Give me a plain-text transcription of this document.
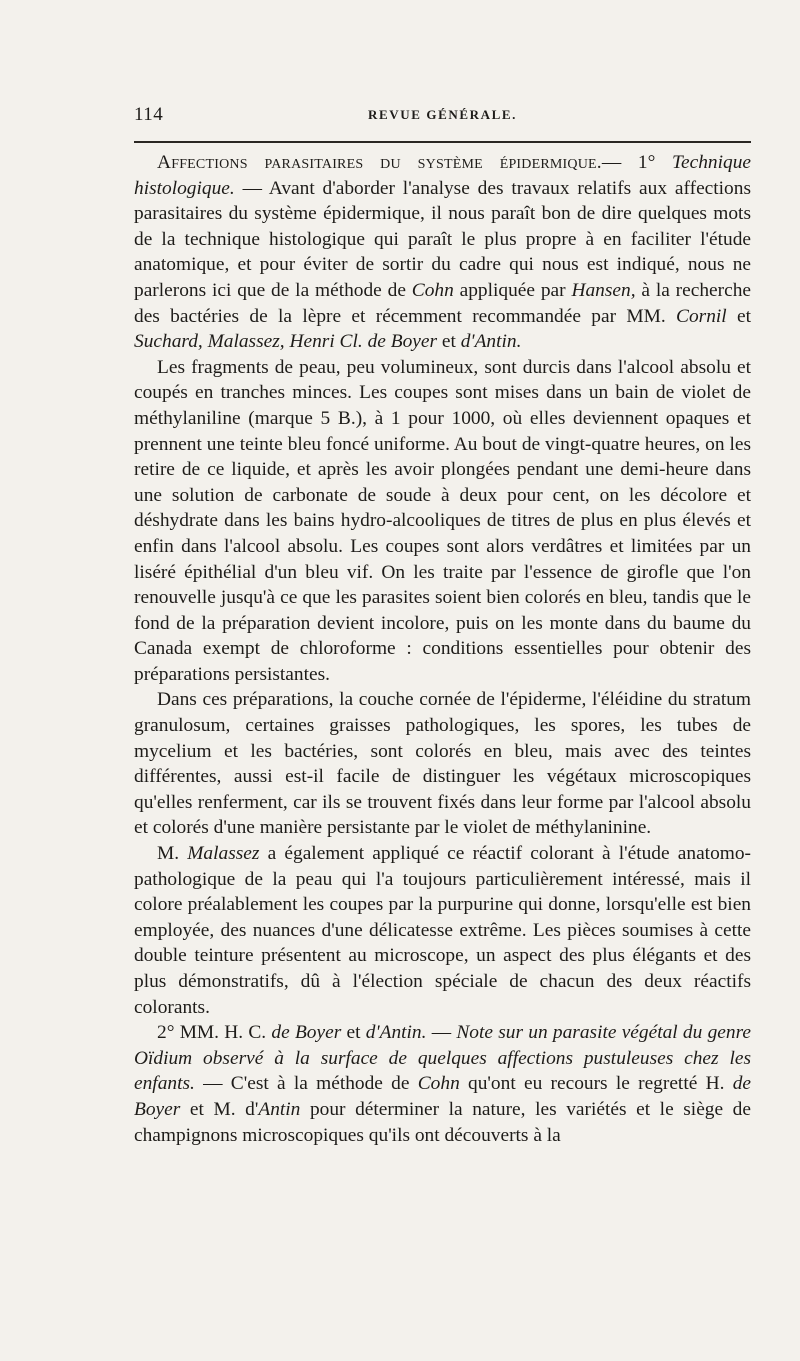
114	REVUE GÉNÉRALE.

Affections parasitaires du système épidermique.— 1° Technique histologique. — Avant d'aborder l'analyse des travaux relatifs aux affections parasitaires du système épidermique, il nous paraît bon de dire quelques mots de la technique histologique qui paraît le plus propre à en faciliter l'étude anatomique, et pour éviter de sortir du cadre qui nous est indiqué, nous ne parlerons ici que de la méthode de Cohn appliquée par Hansen, à la recherche des bactéries de la lèpre et récemment recommandée par MM. Cornil et Suchard, Malassez, Henri Cl. de Boyer et d'Antin.

Les fragments de peau, peu volumineux, sont durcis dans l'alcool absolu et coupés en tranches minces. Les coupes sont mises dans un bain de violet de méthylaniline (marque 5 B.), à 1 pour 1000, où elles deviennent opaques et prennent une teinte bleu foncé uniforme. Au bout de vingt-quatre heures, on les retire de ce liquide, et après les avoir plongées pendant une demi-heure dans une solution de carbonate de soude à deux pour cent, on les décolore et déshydrate dans les bains hydro-alcooliques de titres de plus en plus élevés et enfin dans l'alcool absolu. Les coupes sont alors verdâtres et limitées par un liséré épithélial d'un bleu vif. On les traite par l'essence de girofle que l'on renouvelle jusqu'à ce que les parasites soient bien colorés en bleu, tandis que le fond de la préparation devient incolore, puis on les monte dans du baume du Canada exempt de chloroforme : conditions essentielles pour obtenir des préparations persistantes.

Dans ces préparations, la couche cornée de l'épiderme, l'éléidine du stratum granulosum, certaines graisses pathologiques, les spores, les tubes de mycelium et les bactéries, sont colorés en bleu, mais avec des teintes différentes, aussi est-il facile de distinguer les végétaux microscopiques qu'elles renferment, car ils se trouvent fixés dans leur forme par l'alcool absolu et colorés d'une manière persistante par le violet de méthylaninine.

M. Malassez a également appliqué ce réactif colorant à l'étude anatomo-pathologique de la peau qui l'a toujours particulièrement intéressé, mais il colore préalablement les coupes par la purpurine qui donne, lorsqu'elle est bien employée, des nuances d'une délicatesse extrême. Les pièces soumises à cette double teinture présentent au microscope, un aspect des plus élégants et des plus démonstratifs, dû à l'élection spéciale de chacun des deux réactifs colorants.

2° MM. H. C. de Boyer et d'Antin. — Note sur un parasite végétal du genre Oïdium observé à la surface de quelques affections pustuleuses chez les enfants. — C'est à la méthode de Cohn qu'ont eu recours le regretté H. de Boyer et M. d'Antin pour déterminer la nature, les variétés et le siège de champignons microscopiques qu'ils ont découverts à la
